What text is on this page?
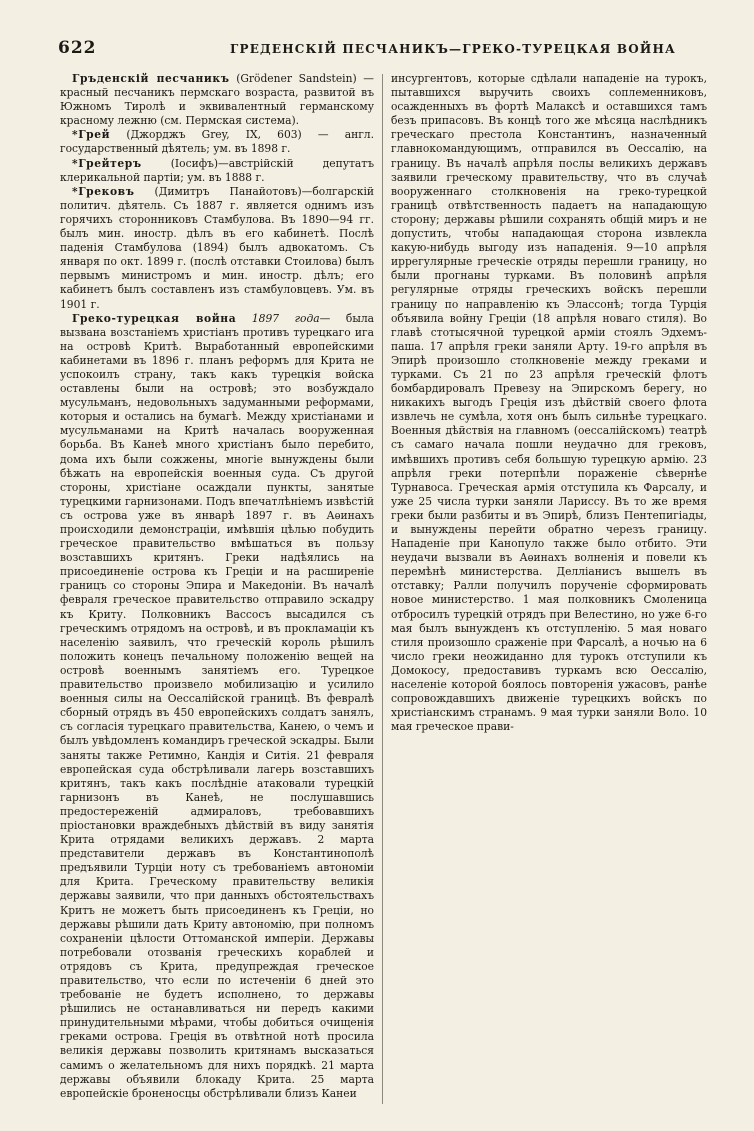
622	ГРЕДЕНСКІЙ ПЕСЧАНИКЪ—ГРЕКО-ТУРЕЦКАЯ ВОЙНА

Гръденскій песчаникъ (Grödener Sandstein) — красный песчаникъ пермскаго возраста, развитой въ Южномъ Тиролѣ и эквивалентный германскому красному лежню (см. Пермская система).

*Грей (Джорджъ Grey, IX, 603) — англ. государственный дѣятель; ум. въ 1898 г.

*Грейтеръ	(Іосифъ)—австрійскій депутатъ клерикальной партіи; ум. въ 1888 г.

*Грековъ (Димитръ Панайотовъ)—болгарскій политич. дѣятель. Съ 1887 г. является однимъ изъ горячихъ сторонниковъ Стамбулова. Въ 1890—94 гг. былъ мин. иностр. дѣлъ въ его кабинетѣ. Послѣ паденія Стамбулова (1894) былъ адвокатомъ. Съ января по окт. 1899 г. (послѣ отставки Стоилова) былъ первымъ министромъ и мин. иностр. дѣлъ; его кабинетъ былъ составленъ изъ стамбуловцевъ. Ум. въ 1901 г.

Греко-турецкая война 1897 года— была вызвана возстаніемъ христіанъ противъ турецкаго ига на островѣ Критѣ. Выработанный европейскими кабинетами въ 1896 г. планъ реформъ для Крита не успокоилъ страну, такъ какъ турецкія войска оставлены были на островѣ; это возбуждало мусульманъ, недовольныхъ задуманными реформами, которыя и остались на бумагѣ. Между христіанами и мусульманами на Критѣ началась вооруженная борьба. Въ Канеѣ много христіанъ было перебито, дома ихъ были сожжены, многіе вынуждены были бѣжать на европейскія военныя суда. Съ другой стороны, христіане осаждали пункты, занятые турецкими гарнизонами. Подъ впечатлѣніемъ извѣстій съ острова уже въ январѣ 1897 г. въ Аѳинахъ происходили демонстраціи, имѣвшія цѣлью побудить греческое правительство вмѣшаться въ пользу возставшихъ критянъ. Греки надѣялись на присоединеніе острова къ Греціи и на расширеніе границъ со стороны Эпира и Македоніи. Въ началѣ февраля греческое правительство отправило эскадру къ Криту. Полковникъ Вассосъ высадился съ греческимъ отрядомъ на островѣ, и въ прокламаціи къ населенію заявилъ, что греческій король рѣшилъ положить конецъ печальному положенію вещей на островѣ военнымъ занятіемъ его. Турецкое правительство произвело мобилизацію и усилило военныя силы на Оессалійской границѣ. Въ февралѣ сборный отрядъ въ 450 европейскихъ солдатъ занялъ, съ согласія турецкаго правительства, Канею, о чемъ и былъ увѣдомленъ командиръ греческой эскадры. Были заняты также Ретимно, Кандія и Ситія. 21 февраля европейская суда обстрѣливали лагерь возставшихъ критянъ, такъ какъ послѣдніе атаковали турецкій гарнизонъ въ Канеѣ, не послушавшись предостереженій адмираловъ, требовавшихъ пріостановки враждебныхъ дѣйствій въ виду занятія Крита отрядами великихъ державъ. 2 марта представители державъ въ Константинополѣ предъявили Турціи ноту съ требованіемъ автономіи для Крита. Греческому правительству великія державы заявили, что при данныхъ обстоятельствахъ Критъ не можетъ быть присоединенъ къ Греціи, но державы рѣшили дать Криту автономію, при полномъ сохраненіи цѣлости Оттоманской имперіи. Державы потребовали отозванія греческихъ кораблей и отрядовъ съ Крита, предупреждая греческое правительство, что если по истеченіи 6 дней это требованіе не будетъ исполнено, то державы рѣшились не останавливаться ни передъ какими принудительными мѣрами, чтобы добиться очищенія греками острова. Греція въ отвѣтной нотѣ просила великія державы позволить критянамъ высказаться самимъ о желательномъ для нихъ порядкѣ. 21 марта державы объявили блокаду Крита. 25 марта европейскіе броненосцы обстрѣливали близъ Канеи

инсургентовъ, которые сдѣлали нападеніе на турокъ, пытавшихся выручить своихъ соплеменниковъ, осажденныхъ въ фортѣ Малаксѣ и оставшихся тамъ безъ припасовъ. Въ концѣ того же мѣсяца наслѣдникъ греческаго престола Константинъ, назначенный главнокомандующимъ, отправился въ Оессалію, на границу. Въ началѣ апрѣля послы великихъ державъ заявили греческому правительству, что въ случаѣ вооруженнаго столкновенія на греко-турецкой границѣ отвѣтственность падаетъ на нападающую сторону; державы рѣшили сохранять общій миръ и не допустить, чтобы нападающая сторона извлекла какую-нибудь выгоду изъ нападенія. 9—10 апрѣля иррегулярные греческіе отряды перешли границу, но были прогнаны турками. Въ половинѣ апрѣля регулярные отряды греческихъ войскъ перешли границу по направленію къ Элассонѣ; тогда Турція объявила войну Греціи (18 апрѣля новаго стиля). Во главѣ стотысячной турецкой арміи стоялъ Эдхемъ-паша. 17 апрѣля греки заняли Арту. 19-го апрѣля въ Эпирѣ произошло столкновеніе между греками и турками. Съ 21 по 23 апрѣля греческій флотъ бомбардировалъ Превезу на Эпирскомъ берегу, но никакихъ выгодъ Греція изъ дѣйствій своего флота извлечь не сумѣла, хотя онъ былъ сильнѣе турецкаго. Военныя дѣйствія на главномъ (оессалійскомъ) театрѣ съ самаго начала пошли неудачно для грековъ, имѣвшихъ противъ себя большую турецкую армію. 23 апрѣля греки потерпѣли пораженіе сѣвернѣе Турнавоса. Греческая армія отступила къ Фарсалу, и уже 25 числа турки заняли Лариссу. Въ то же время греки были разбиты и въ Эпирѣ, близъ Пентепигіады, и вынуждены перейти обратно черезъ границу. Нападеніе при Канопуло также было отбито. Эти неудачи вызвали въ Аѳинахъ волненія и повели къ перемѣнѣ министерства. Делліанисъ вышелъ въ отставку; Ралли получилъ порученіе сформировать новое министерство. 1 мая полковникъ Смоленица отбросилъ турецкій отрядъ при Велестино, но уже 6-го мая былъ вынужденъ къ отступленію. 5 мая новаго стиля произошло сраженіе при Фарсалѣ, а ночью на 6 число греки неожиданно для турокъ отступили къ Домокосу, предоставивъ туркамъ всю Оессалію, населеніе которой боялось повторенія ужасовъ, ранѣе сопровождавшихъ движеніе турецкихъ войскъ по христіанскимъ странамъ. 9 мая турки заняли Воло. 10 мая греческое прави-
